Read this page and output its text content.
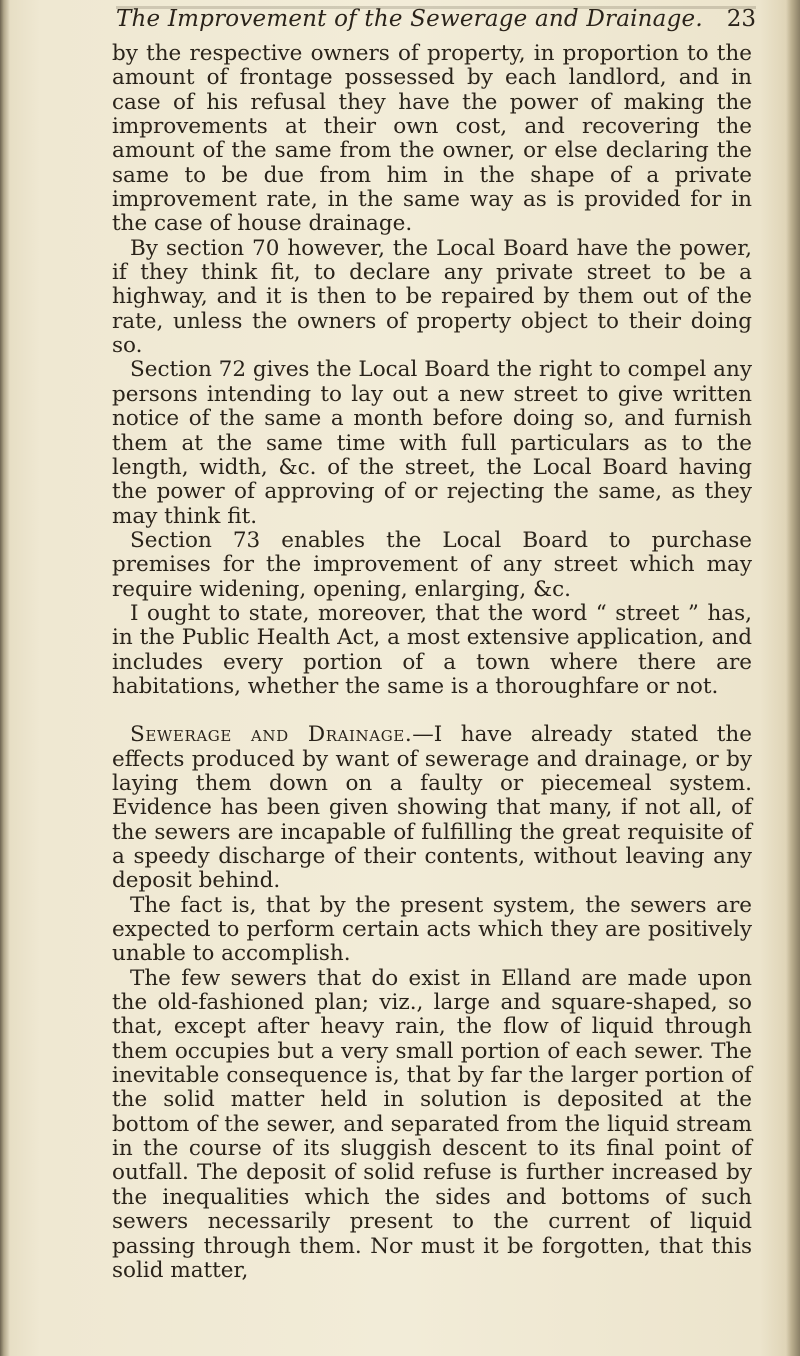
The Improvement of the Sewerage and Drainage. 23

by the respective owners of property, in proportion to the amount of frontage possessed by each landlord, and in case of his refusal they have the power of making the improvements at their own cost, and recovering the amount of the same from the owner, or else declaring the same to be due from him in the shape of a private improvement rate, in the same way as is provided for in the case of house drainage.

By section 70 however, the Local Board have the power, if they think fit, to declare any private street to be a highway, and it is then to be repaired by them out of the rate, unless the owners of property object to their doing so.

Section 72 gives the Local Board the right to compel any persons intending to lay out a new street to give written notice of the same a month before doing so, and furnish them at the same time with full particulars as to the length, width, &c. of the street, the Local Board having the power of approving of or rejecting the same, as they may think fit.

Section 73 enables the Local Board to purchase premises for the improvement of any street which may require widening, opening, enlarging, &c.

I ought to state, moreover, that the word “ street ” has, in the Public Health Act, a most extensive application, and includes every portion of a town where there are habitations, whether the same is a thoroughfare or not.

Sewerage and Drainage.—I have already stated the effects produced by want of sewerage and drainage, or by laying them down on a faulty or piecemeal system. Evidence has been given showing that many, if not all, of the sewers are incapable of fulfilling the great requisite of a speedy discharge of their contents, without leaving any deposit behind.

The fact is, that by the present system, the sewers are expected to perform certain acts which they are positively unable to accomplish.

The few sewers that do exist in Elland are made upon the old-fashioned plan; viz., large and square-shaped, so that, except after heavy rain, the flow of liquid through them occupies but a very small portion of each sewer. The inevitable consequence is, that by far the larger portion of the solid matter held in solution is deposited at the bottom of the sewer, and separated from the liquid stream in the course of its sluggish descent to its final point of outfall. The deposit of solid refuse is further increased by the inequalities which the sides and bottoms of such sewers necessarily present to the current of liquid passing through them. Nor must it be forgotten, that this solid matter,
